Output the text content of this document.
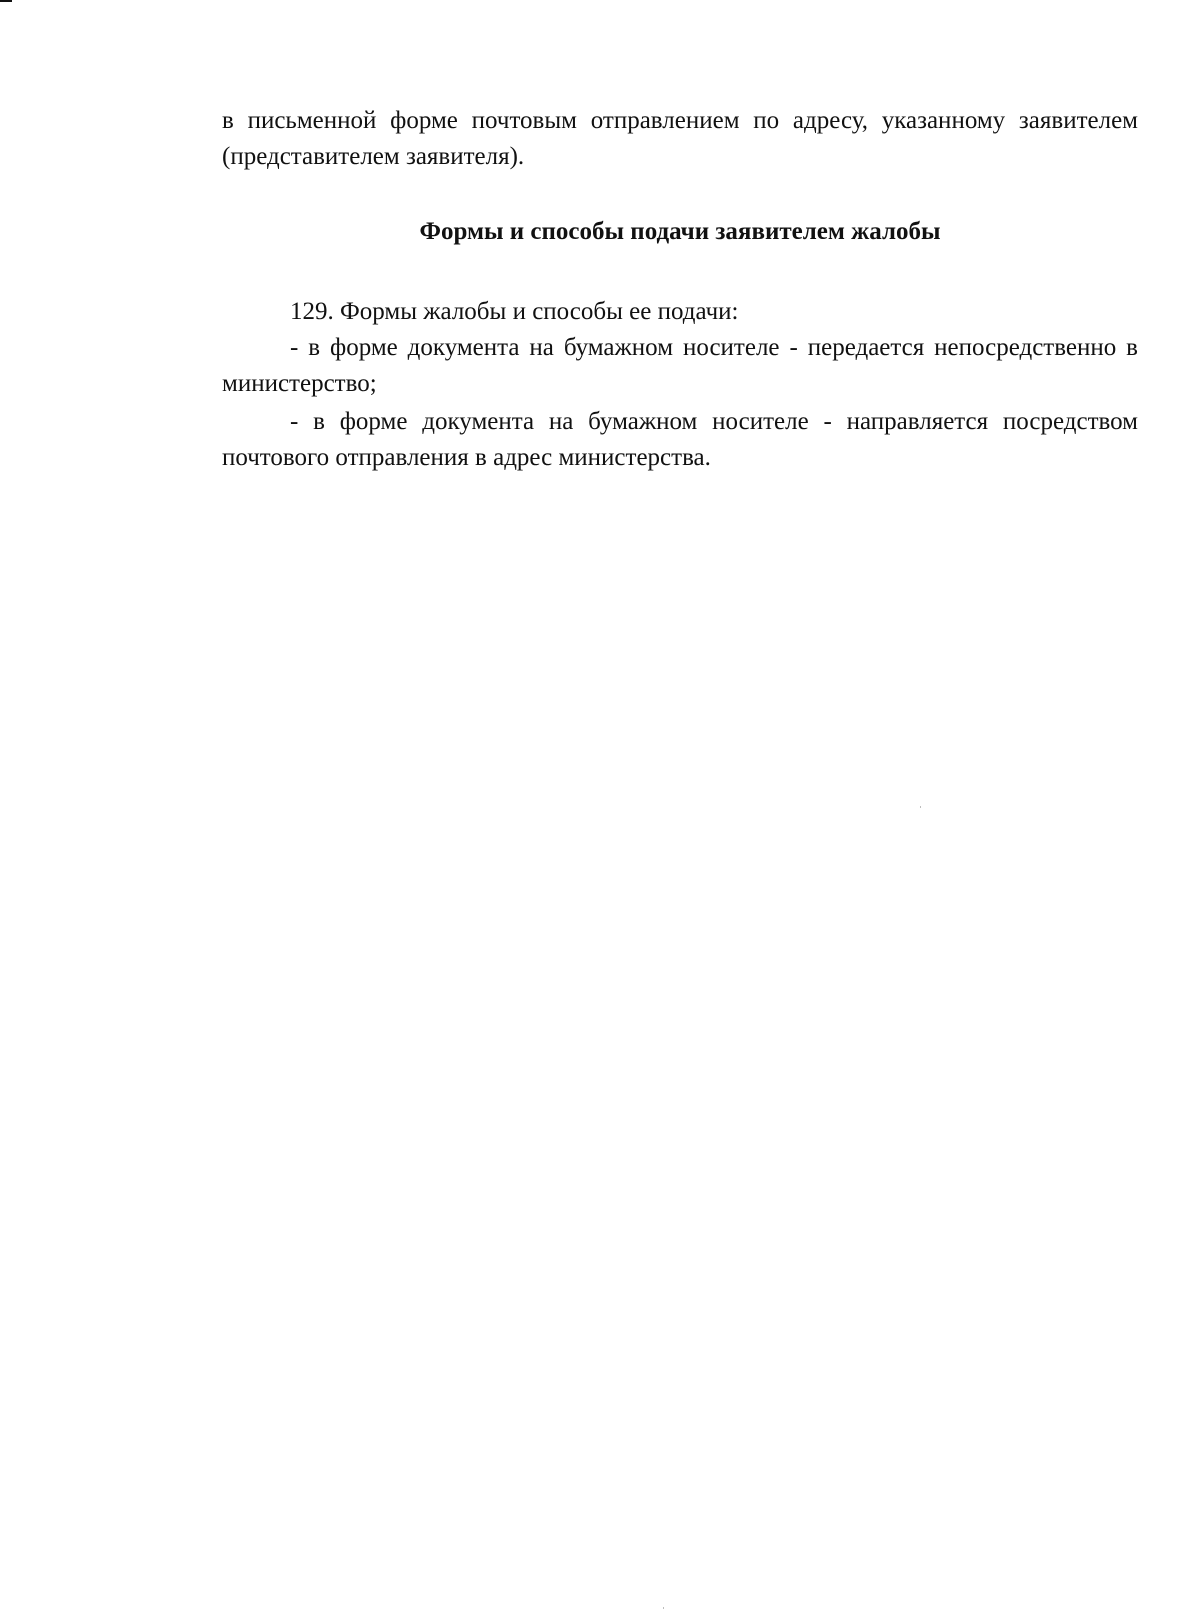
в письменной форме почтовым отправлением по адресу, указанному заявителем (представителем заявителя).
Формы и способы подачи заявителем жалобы
129. Формы жалобы и способы ее подачи:
- в форме документа на бумажном носителе - передается непосредственно в министерство;
- в форме документа на бумажном носителе - направляется посредством почтового отправления в адрес министерства.
